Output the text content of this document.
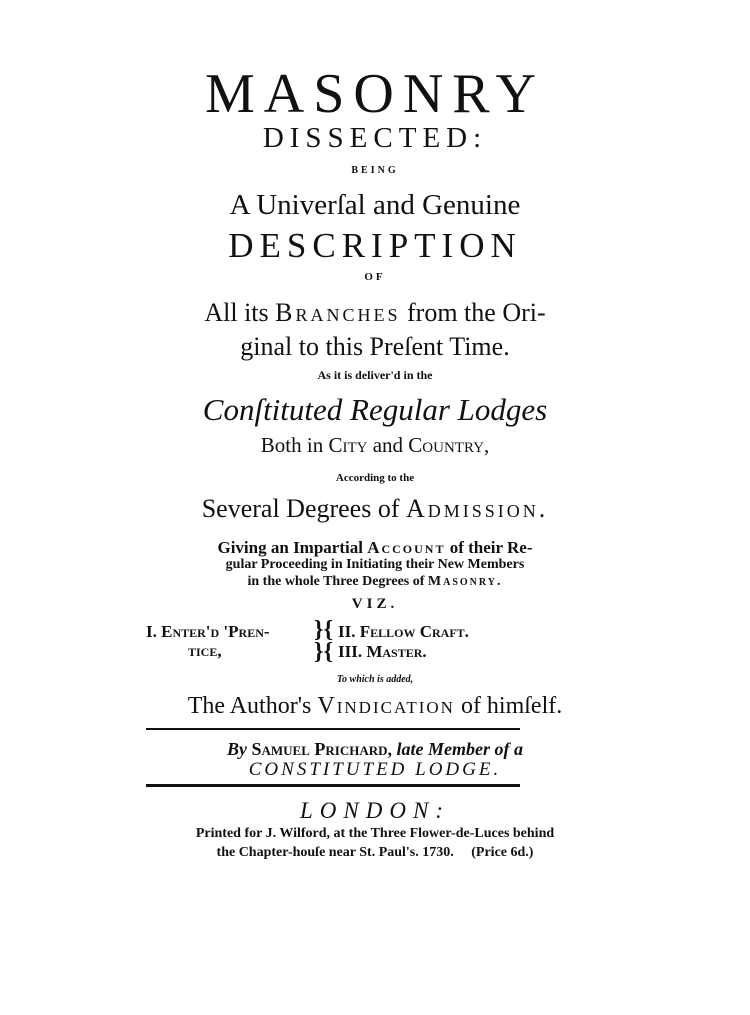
MASONRY
DISSECTED:
BEING
A Univerſal and Genuine
DESCRIPTION
OF
All its Branches from the Ori-
ginal to this Preſent Time.
As it is deliver'd in the
Conſtituted Regular Lodges
Both in City and Country,
According to the
Several Degrees of Admission.
Giving an Impartial Account of their Re-
gular Proceeding in Initiating their New Members
in the whole Three Degrees of Masonry.
VIZ.
I. Enter'd 'Pren-
tice,
}{
}{
II. Fellow Craft.
III. Master.
To which is added,
The Author's Vindication of himſelf.
By Samuel Prichard, late Member of a
CONSTITUTED LODGE.
LONDON:
Printed for J. Wilford, at the Three Flower-de-Luces behind
the Chapter-houſe near St. Paul's. 1730.     (Price 6d.)
